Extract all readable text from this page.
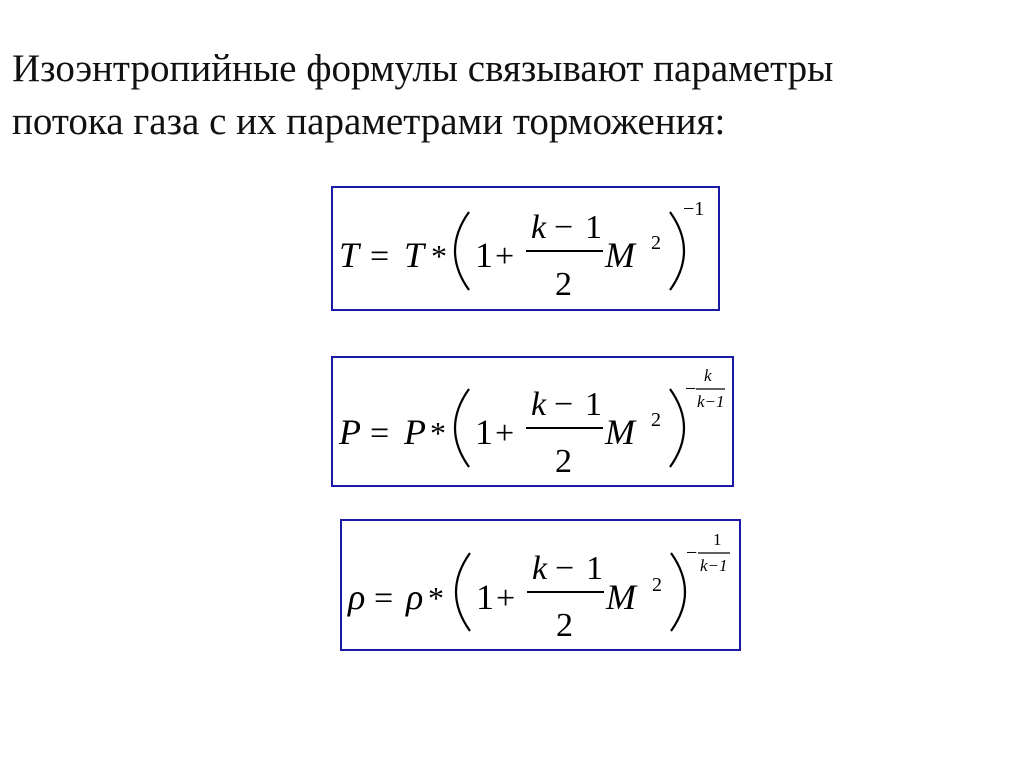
Изоэнтропийные формулы связывают параметры
потока газа с их параметрами торможения:
T = T * 1 +
k − 1
2
M 2
−1
P = P * 1 +
k − 1
2
M 2
−
k
k−1
ρ = ρ * 1 +
k − 1
2
M 2
−
1
k−1
